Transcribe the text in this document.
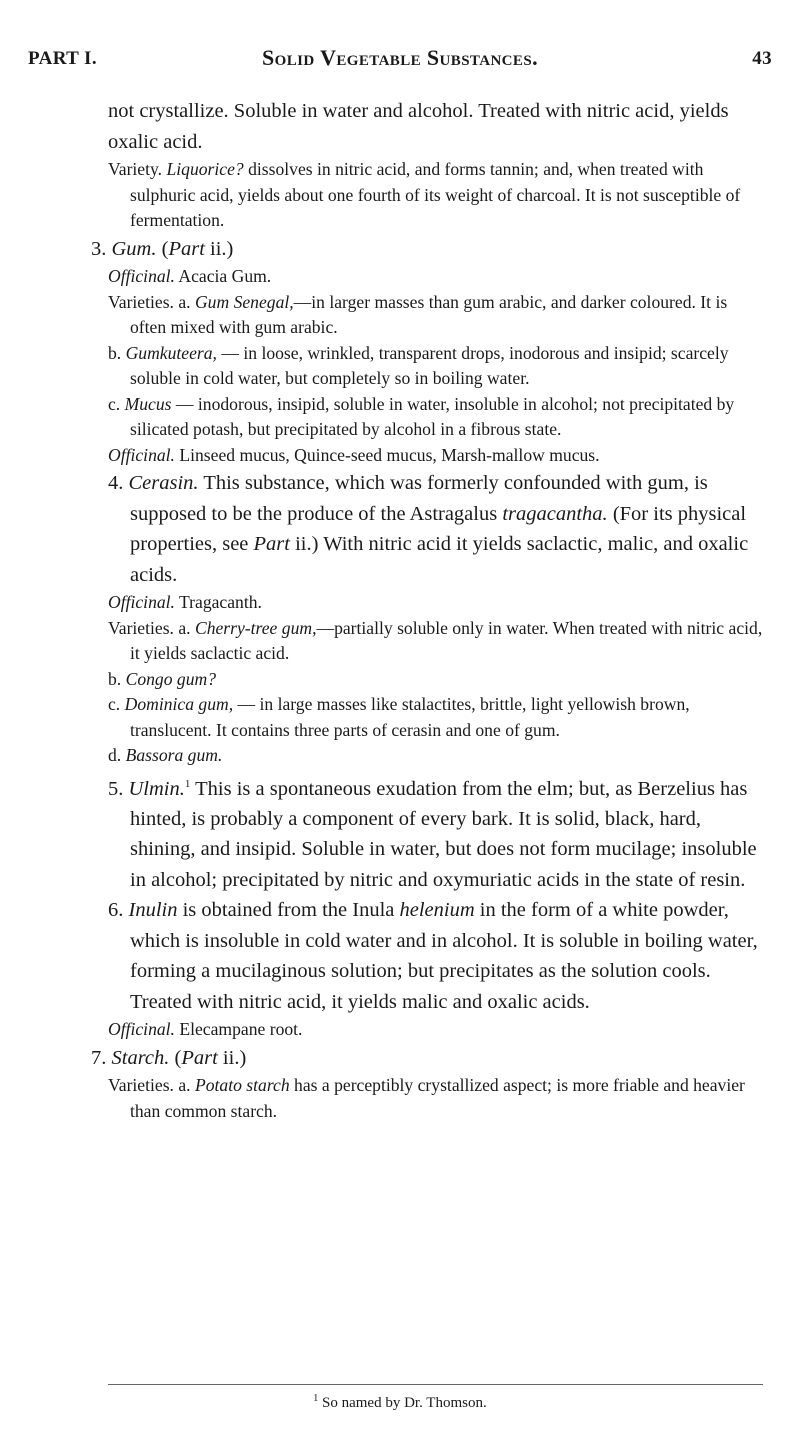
PART I.	Solid Vegetable Substances.	43

not crystallize. Soluble in water and alcohol. Treated with nitric acid, yields oxalic acid.

Variety. Liquorice? dissolves in nitric acid, and forms tannin; and, when treated with sulphuric acid, yields about one fourth of its weight of charcoal. It is not susceptible of fermentation.

3. Gum. (Part ii.)

Officinal. Acacia Gum.

Varieties. a. Gum Senegal,—in larger masses than gum arabic, and darker coloured. It is often mixed with gum arabic.

b. Gumkuteera, — in loose, wrinkled, transparent drops, inodorous and insipid; scarcely soluble in cold water, but completely so in boiling water.

c. Mucus — inodorous, insipid, soluble in water, insoluble in alcohol; not precipitated by silicated potash, but precipitated by alcohol in a fibrous state.

Officinal. Linseed mucus, Quince-seed mucus, Marsh-mallow mucus.

4. Cerasin. This substance, which was formerly confounded with gum, is supposed to be the produce of the Astragalus tragacantha. (For its physical properties, see Part ii.) With nitric acid it yields saclactic, malic, and oxalic acids.

Officinal. Tragacanth.

Varieties. a. Cherry-tree gum,—partially soluble only in water. When treated with nitric acid, it yields saclactic acid.

b. Congo gum?

c. Dominica gum, — in large masses like stalactites, brittle, light yellowish brown, translucent. It contains three parts of cerasin and one of gum.

d. Bassora gum.

5. Ulmin.$^1$ This is a spontaneous exudation from the elm; but, as Berzelius has hinted, is probably a component of every bark. It is solid, black, hard, shining, and insipid. Soluble in water, but does not form mucilage; insoluble in alcohol; precipitated by nitric and oxymuriatic acids in the state of resin.

6. Inulin is obtained from the Inula helenium in the form of a white powder, which is insoluble in cold water and in alcohol. It is soluble in boiling water, forming a mucilaginous solution; but precipitates as the solution cools. Treated with nitric acid, it yields malic and oxalic acids.

Officinal. Elecampane root.

7. Starch. (Part ii.)

Varieties. a. Potato starch has a perceptibly crystallized aspect; is more friable and heavier than common starch.

$^1$ So named by Dr. Thomson.
